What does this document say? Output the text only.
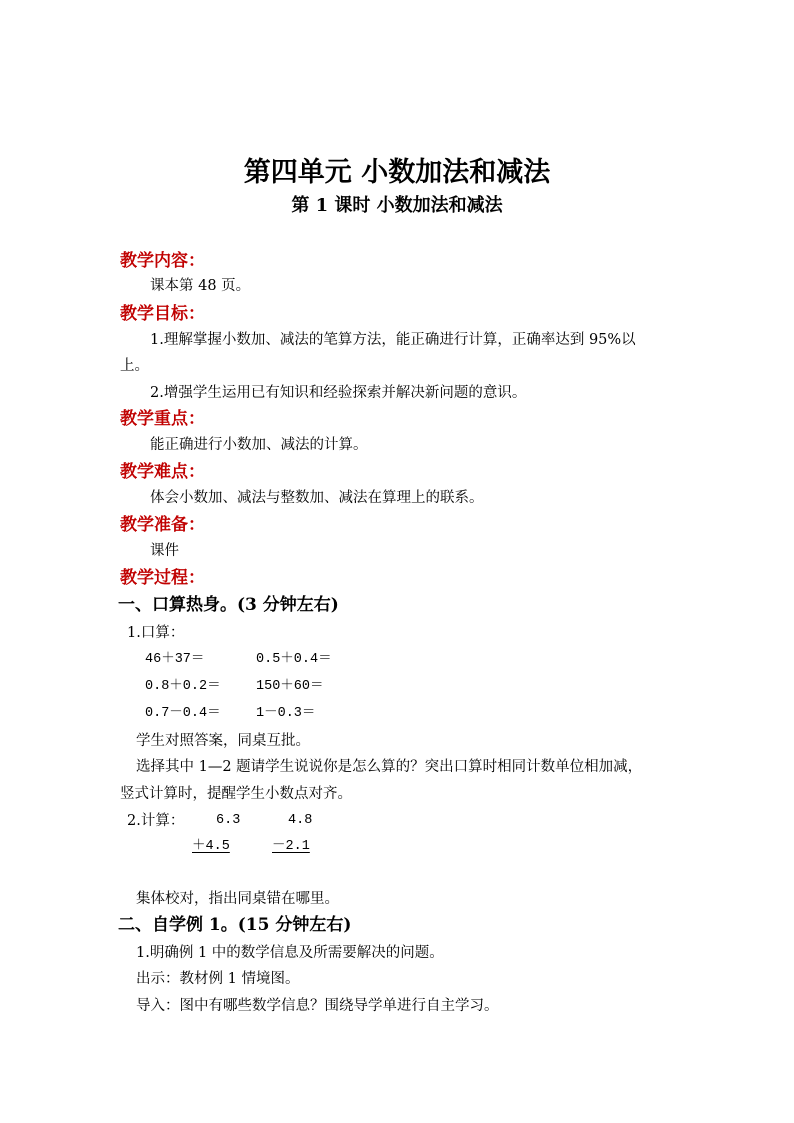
第四单元 小数加法和减法
第 1 课时 小数加法和减法
教学内容：
课本第 48 页。
教学目标：
1.理解掌握小数加、减法的笔算方法，能正确进行计算，正确率达到 95%以
上。
2.增强学生运用已有知识和经验探索并解决新问题的意识。
教学重点：
能正确进行小数加、减法的计算。
教学难点：
体会小数加、减法与整数加、减法在算理上的联系。
教学准备：
课件
教学过程：
一、口算热身。(3 分钟左右)
1.口算：
46＋37＝	0.5＋0.4＝
0.8＋0.2＝	150＋60＝
0.7－0.4＝	1－0.3＝
学生对照答案，同桌互批。
选择其中 1—2 题请学生说说你是怎么算的？突出口算时相同计数单位相加减，
竖式计算时，提醒学生小数点对齐。
2.计算： 6.3	4.8
＋4.5	－2.1
集体校对，指出同桌错在哪里。
二、自学例 1。(15 分钟左右)
1.明确例 1 中的数学信息及所需要解决的问题。
出示：教材例 1 情境图。
导入：图中有哪些数学信息？围绕导学单进行自主学习。
